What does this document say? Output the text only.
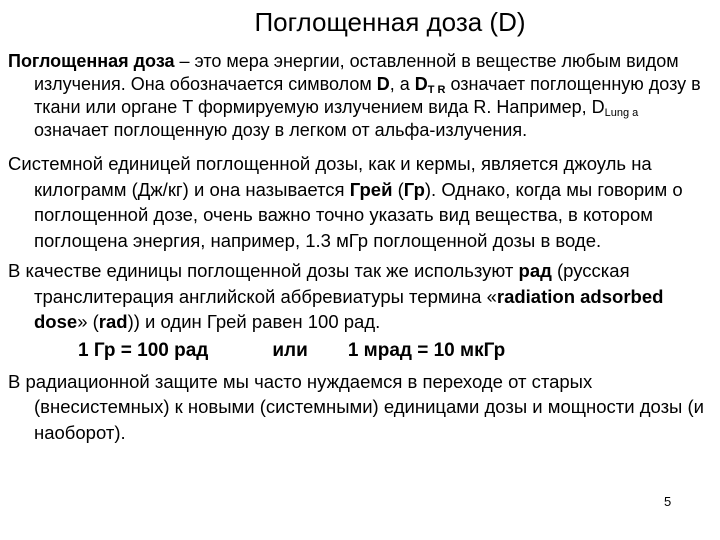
Поглощенная доза (D)

Поглощенная доза – это мера энергии, оставленной в веществе любым видом излучения. Она обозначается символом D, а $D_{T R}$ означает поглощенную дозу в ткани или органе T формируемую излучением вида R. Например, $D_{Lung a}$ означает поглощенную дозу в легком от альфа-излучения.

Системной единицей поглощенной дозы, как и кермы, является джоуль на килограмм (Дж/кг) и она называется Грей (Гр). Однако, когда мы говорим о поглощенной дозе, очень важно точно указать вид вещества, в котором поглощена энергия, например, 1.3 мГр поглощенной дозы в воде.

В качестве единицы поглощенной дозы так же используют рад (русская транслитерация английской аббревиатуры термина «radiation adsorbed dose» (rad)) и один Грей равен 100 рад.

1 Гр = 100 рад	или 1 мрад = 10 мкГр

В радиационной защите мы часто нуждаемся в переходе от старых (внесистемных) к новыми (системными) единицами дозы и мощности дозы (и наоборот).

5
